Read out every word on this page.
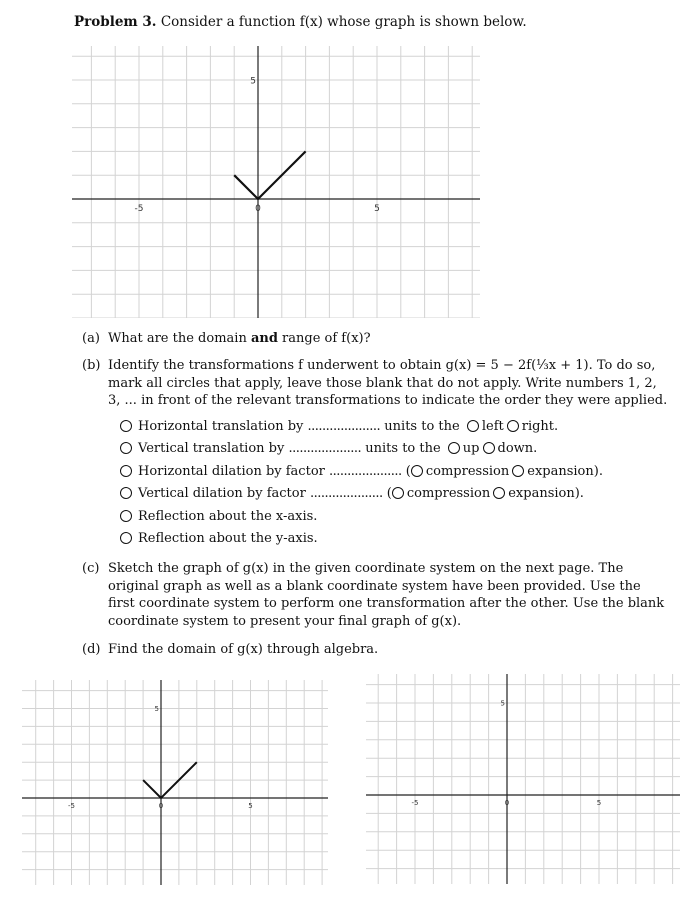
Problem 3. Consider a function f(x) whose graph is shown below.
-5	0	5
5
(a) What are the domain and range of f(x)?
(b) Identify the transformations f underwent to obtain g(x) = 5 − 2f(⅓x + 1). To do so,
mark all circles that apply, leave those blank that do not apply. Write numbers 1, 2,
3, ... in front of the relevant transformations to indicate the order they were applied.
Horizontal translation by .................... units to the left right.
Vertical translation by .................... units to the up down.
Horizontal dilation by factor .................... ( compression expansion).
Vertical dilation by factor .................... ( compression expansion).
Reflection about the x-axis.
Reflection about the y-axis.
(c) Sketch the graph of g(x) in the given coordinate system on the next page. The
original graph as well as a blank coordinate system have been provided. Use the
first coordinate system to perform one transformation after the other. Use the blank
coordinate system to present your final graph of g(x).
(d) Find the domain of g(x) through algebra.
-5	0	5
5
-5	0	5
5
